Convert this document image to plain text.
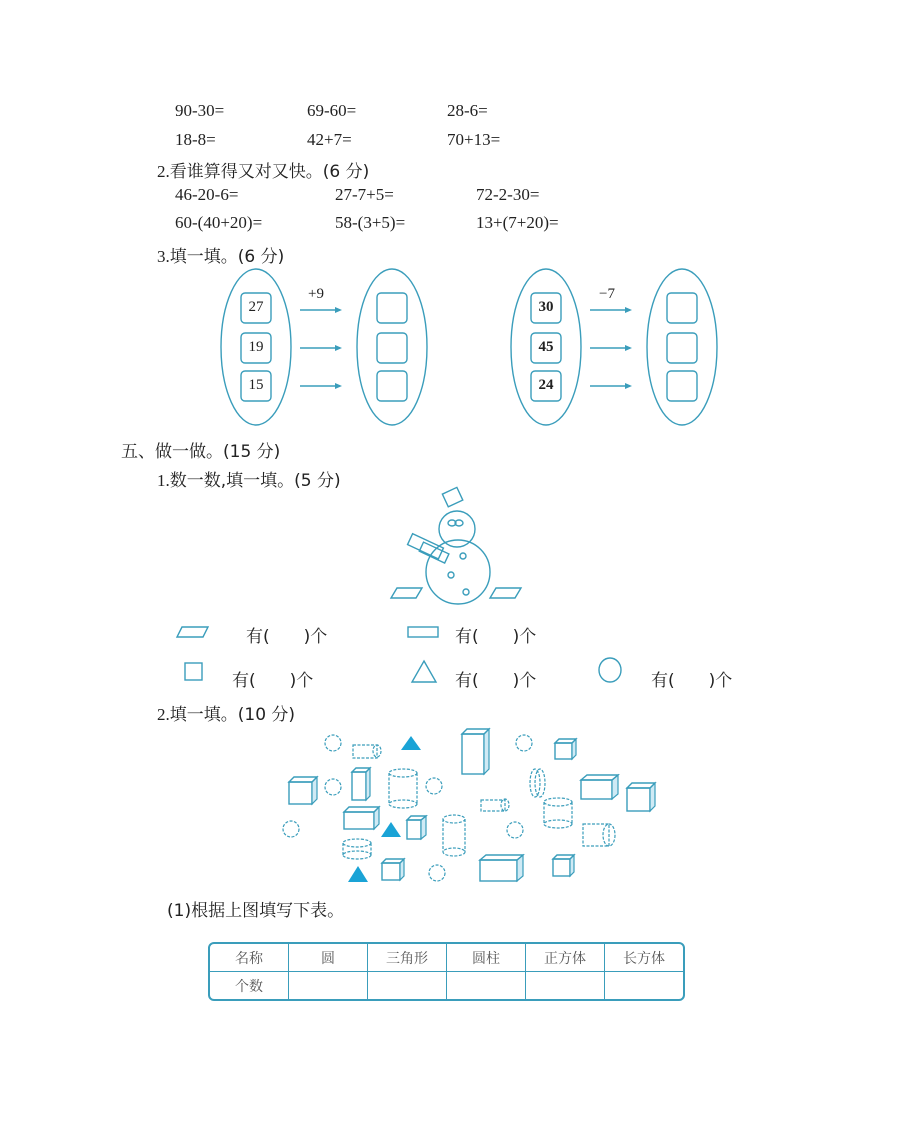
90-30=	69-60=	28-6=
18-8=	42+7=	70+13=
2.看谁算得又对又快。(6 分)
46-20-6=	27-7+5=	72-2-30=
60-(40+20)=	58-(3+5)=	13+(7+20)=
3.填一填。(6 分)
+9	−7
27
19
15
30
45
24
五、做一做。(15 分)
1.数一数,填一填。(5 分)
有(　　)个	有(　　)个
有(　　)个	有(　　)个	有(　　)个
2.填一填。(10 分)
(1)根据上图填写下表。
名称	圆	三角形	圆柱	正方体	长方体
个数					
